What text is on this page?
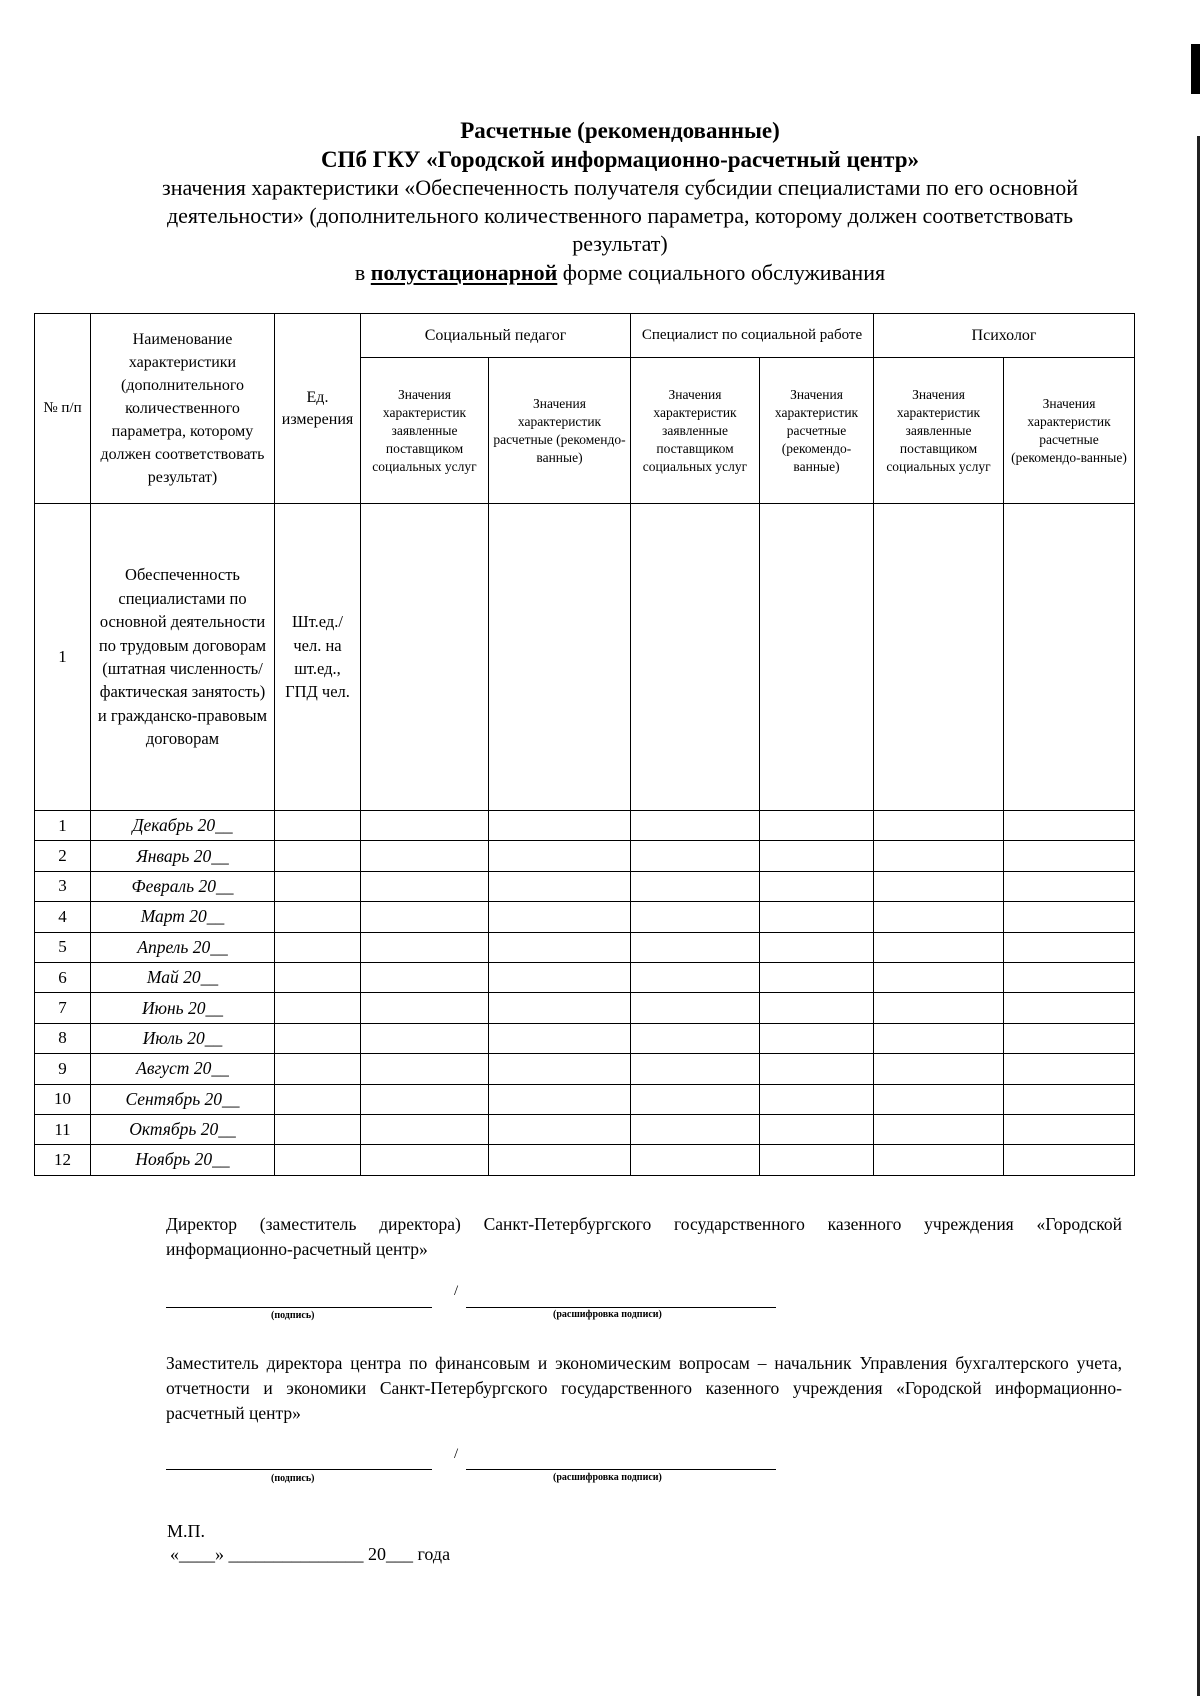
Расчетные (рекомендованные)
СПб ГКУ «Городской информационно-расчетный центр»
значения характеристики «Обеспеченность получателя субсидии специалистами по его основной деятельности» (дополнительного количественного параметра, которому должен соответствовать результат)
в полустационарной форме социального обслуживания
№ п/п	Наименование характеристики (дополнительного количественного параметра, которому должен соответствовать результат)	Ед. измерения	Социальный педагог		Специалист по социальной работе		Психолог	
			Значения характеристик заявленные поставщиком социальных услуг	Значения характеристик расчетные (рекомендо-ванные)	Значения характеристик заявленные поставщиком социальных услуг	Значения характеристик расчетные (рекомендо-ванные)	Значения характеристик заявленные поставщиком социальных услуг	Значения характеристик расчетные (рекомендо-ванные)
1	Обеспеченность специалистами по основной деятельности по трудовым договорам (штатная численность/ фактическая занятость) и гражданско-правовым договорам	Шт.ед./ чел. на шт.ед., ГПД чел.						
1	Декабрь 20__							
2	Январь 20__							
3	Февраль 20__							
4	Март 20__							
5	Апрель 20__							
6	Май 20__							
7	Июнь 20__							
8	Июль 20__							
9	Август 20__							
10	Сентябрь 20__							
11	Октябрь 20__							
12	Ноябрь 20__							
Директор (заместитель директора) Санкт-Петербургского государственного казенного учреждения «Городской информационно-расчетный центр»
/
(подпись)	(расшифровка подписи)
Заместитель директора центра по финансовым и экономическим вопросам – начальник Управления бухгалтерского учета, отчетности и экономики Санкт-Петербургского государственного казенного учреждения «Городской информационно-расчетный центр»
/
(подпись)	(расшифровка подписи)
М.П.
«____» _______________ 20___ года
